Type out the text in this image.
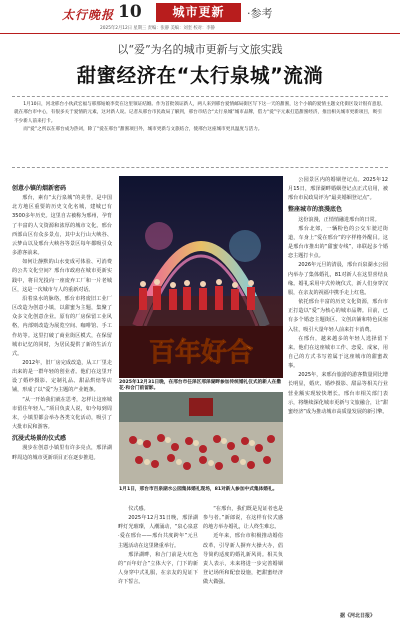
太行晚报 10	城市更新	·参考
2025年2月12日 星期三 责编：张静 美编：刘奎 校对：李静
以“爱”为名的城市更新与文旅实践
甜蜜经济在“太行泉城”流淌

1月10日，河北邢台小伙武宏福与邢那姑娘李奕在这里领证结婚。作为首批领证新人，两人来到邢台爱情邮局街区写下这一天的甜蜜，这个小镇的爱情主题文化街区设计很有意思，就在邢台市中心，有很多关于爱情的元素，这对新人说。记者从邢台市民政局了解到，邢台市结合“太行泉城”城市品牌，借力“爱”字元素打造甜蜜经济，推出相关城市更新项目，吸引不少新人前来打卡。

而“爱”之所以在邢台成为热词，除了“爱在邢台”甜蜜项目外，城市更新与文旅结合，使邢台这座城市更具温度与活力。

创意小镇的烟新密码

邢台，素有“太行泉城”的美誉，是中国北方地区重要的历史文化名城，建城已有3500多年历史。这里自古被称为邢州，孕育了丰富的人文资源和浓厚的城市文化。邢台西部山区有众多景点，其中太行山大峡谷、云梦山以及邢台大峡谷等景区每年都吸引众多游客前来。

如何让静默的山水变成可体验、可消费的公共文化空间？邢台市政府在城市更新实践中，将目光投向一座废弃工厂和一片老城区，这是一次城市与人的重新对话。

沿着泉水的脉络，邢台市将废旧工业厂区改造为创意小镇，以甜蜜为主题，集聚了众多文化创意企业。原有的厂房保留工业风格，内部则改造为展览空间、咖啡馆、手工作坊等。这里打破了商业街区模式，在保留城市记忆的同时，为居民提供了新的生活方式。

2012年，旧厂房完成改造，从工厂里走出来的是一群年轻的创业者。他们在这里开设了婚纱摄影、定制礼品、甜品烘焙等店铺，形成了以“爱”为主题的产业链条。

“从一开始我们就在思考，怎样让这座城市留住年轻人。”项目负责人说，如今每到周末，小镇里都会举办各类文化活动，吸引了大批市民和游客。

沉浸式场景的仪式感

漫步在创意小镇里有许多亮点，邢泽湖畔周边的城市更新项目正在逐步推进。

百年好合
2025年12月31日晚，在邢台市任泽区邢泽湖畔参加传统婚礼仪式的新人在撒花·和合门前留影。
1月1日，邢台市百泉湖水公园集体婚礼现场，81对新人参加中式集体婚礼。

仪式感。

2025年12月31日晚，邢泽湖畔灯光璀璨，人潮涌动，“泉心泉意·爱在邢台——邢台共度跨年”元旦主题活动在这里隆重举行。

邢泽湖畔，和合门前是大红色的“百年好合”立体大字，门下的新人身穿中式礼服，在亲友的见证下许下誓言。

“在邢台，我们既是见证者也是参与者。”新郎说，在这样有仪式感的地方举办婚礼，让人终生难忘。

近年来，邢台市积极推动婚俗改革，引导新人摒弃大操大办，倡导简约适度的婚礼新风尚。相关负责人表示，未来将进一步完善婚姻登记场所和配套设施，把甜蜜经济做大做强。

公园景区内的婚姻登记点。2025年12月15日，邢泽湖畔婚姻登记点正式启用，被邢台市民政局评为“最美婚姻登记点”。

整座城市的浪漫底色

这份浪漫，正悄悄融进邢台的日常。

邢台北郊，一辆粉色的公交车驶过街道，车身上“爱在邢台”的字样格外醒目。这是邢台市推出的“甜蜜专线”，串联起多个婚恋主题打卡点。

2026年元旦的清晨，邢台百泉湖水公园内举办了集体婚礼，81对新人在这里喜结良缘。婚礼采用中式传统仪式，新人们身穿汉服，在亲友的祝福中携手走上红毯。

依托邢台丰富的历史文化资源，邢台市正打造以“爱”为核心的城市品牌。目前，已有多个婚恋主题街区、文创店铺和特色民宿入驻，吸引大量年轻人前来打卡消费。

在邢台，越来越多的年轻人选择留下来。他们在这座城市工作、恋爱、成家，用自己的方式书写着属于这座城市的甜蜜故事。

2025年，来邢台旅游的游客数量同比增长明显，婚庆、婚纱摄影、甜品等相关行业营业额实现较快增长。邢台市相关部门表示，将继续深化城市更新与文旅融合，让“甜蜜经济”成为推动城市高质量发展的新引擎。

据《河北日报》
